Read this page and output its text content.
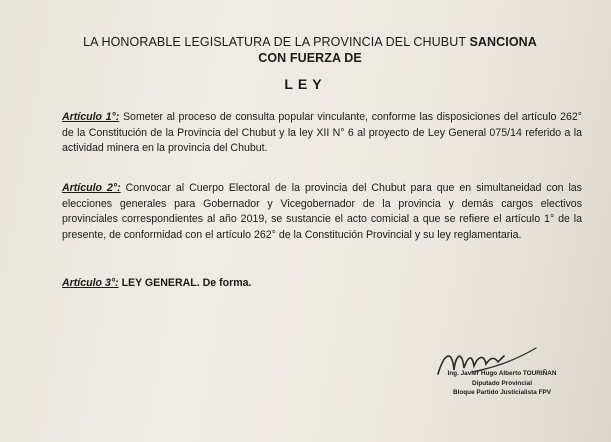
LA HONORABLE LEGISLATURA DE LA PROVINCIA DEL CHUBUT SANCIONA
CON FUERZA DE
LEY
Artículo 1°: Someter al proceso de consulta popular vinculante, conforme las disposiciones del artículo 262° de la Constitución de la Provincia del Chubut y la ley XII N° 6 al proyecto de Ley General 075/14 referido a la actividad minera en la provincia del Chubut.
Artículo 2°: Convocar al Cuerpo Electoral de la provincia del Chubut para que en simultaneidad con las elecciones generales para Gobernador y Vicegobernador de la provincia y demás cargos electivos provinciales correspondientes al año 2019, se sustancie el acto comicial a que se refiere el artículo 1° de la presente, de conformidad con el artículo 262° de la Constitución Provincial y su ley reglamentaria.
Artículo 3°: LEY GENERAL. De forma.
Ing. Javier Hugo Alberto TOURIÑAN
Diputado Provincial
Bloque Partido Justicialista FPV
